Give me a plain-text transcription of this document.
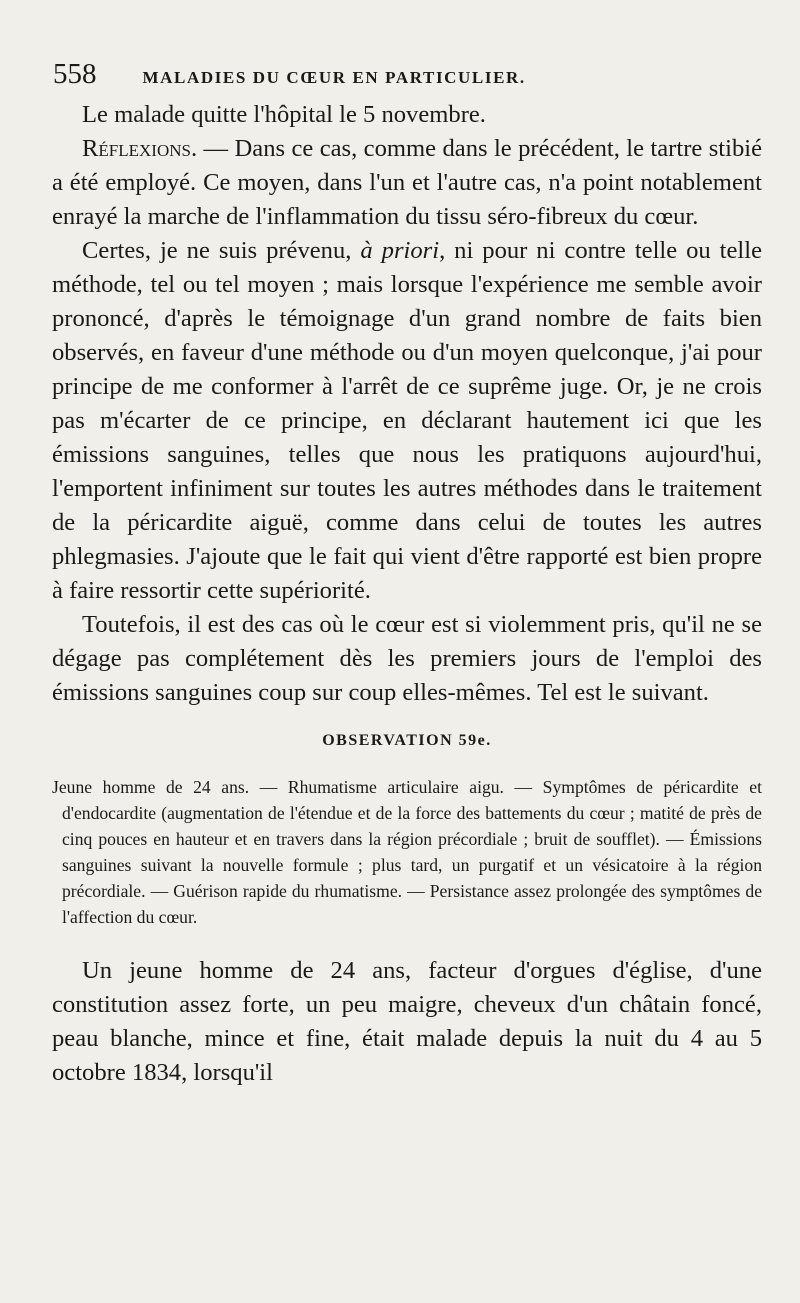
558	MALADIES DU CŒUR EN PARTICULIER.

Le malade quitte l'hôpital le 5 novembre.

Réflexions. — Dans ce cas, comme dans le précédent, le tartre stibié a été employé. Ce moyen, dans l'un et l'autre cas, n'a point notablement enrayé la marche de l'inflammation du tissu séro-fibreux du cœur.

Certes, je ne suis prévenu, à priori, ni pour ni contre telle ou telle méthode, tel ou tel moyen ; mais lorsque l'expérience me semble avoir prononcé, d'après le témoignage d'un grand nombre de faits bien observés, en faveur d'une méthode ou d'un moyen quelconque, j'ai pour principe de me conformer à l'arrêt de ce suprême juge. Or, je ne crois pas m'écarter de ce principe, en déclarant hautement ici que les émissions sanguines, telles que nous les pratiquons aujourd'hui, l'emportent infiniment sur toutes les autres méthodes dans le traitement de la péricardite aiguë, comme dans celui de toutes les autres phlegmasies. J'ajoute que le fait qui vient d'être rapporté est bien propre à faire ressortir cette supériorité.

Toutefois, il est des cas où le cœur est si violemment pris, qu'il ne se dégage pas complétement dès les premiers jours de l'emploi des émissions sanguines coup sur coup elles-mêmes. Tel est le suivant.

OBSERVATION 59e.

Jeune homme de 24 ans. — Rhumatisme articulaire aigu. — Symptômes de péricardite et d'endocardite (augmentation de l'étendue et de la force des battements du cœur ; matité de près de cinq pouces en hauteur et en travers dans la région précordiale ; bruit de soufflet). — Émissions sanguines suivant la nouvelle formule ; plus tard, un purgatif et un vésicatoire à la région précordiale. — Guérison rapide du rhumatisme. — Persistance assez prolongée des symptômes de l'affection du cœur.

Un jeune homme de 24 ans, facteur d'orgues d'église, d'une constitution assez forte, un peu maigre, cheveux d'un châtain foncé, peau blanche, mince et fine, était malade depuis la nuit du 4 au 5 octobre 1834, lorsqu'il
